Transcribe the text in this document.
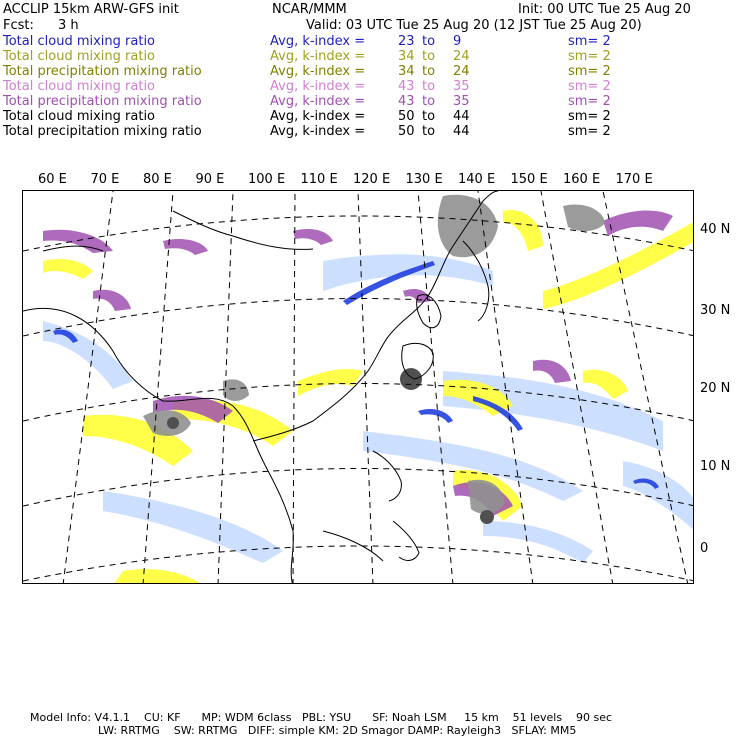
ACCLIP 15km ARW-GFS init	NCAR/MMM	Init: 00 UTC Tue 25 Aug 20
Fcst: 3 h	Valid: 03 UTC Tue 25 Aug 20 (12 JST Tue 25 Aug 20)
Total cloud mixing ratio	Avg, k-index =	23 to 9	sm= 2
Total cloud mixing ratio	Avg, k-index =	34 to 24	sm= 2
Total precipitation mixing ratio	Avg, k-index =	34 to 24	sm= 2
Total cloud mixing ratio	Avg, k-index =	43 to 35	sm= 2
Total precipitation mixing ratio	Avg, k-index =	43 to 35	sm= 2
Total cloud mixing ratio	Avg, k-index =	50 to 44	sm= 2
Total precipitation mixing ratio	Avg, k-index =	50 to 44	sm= 2
60 E 70 E 80 E 90 E 100 E 110 E 120 E 130 E 140 E 150 E 160 E 170 E
40 N
30 N
20 N
10 N
0
Model Info: V4.1.1    CU: KF      MP: WDM 6class   PBL: YSU      SF: Noah LSM     15 km    51 levels    90 sec
LW: RRTMG    SW: RRTMG   DIFF: simple KM: 2D Smagor DAMP: Rayleigh3   SFLAY: MM5
